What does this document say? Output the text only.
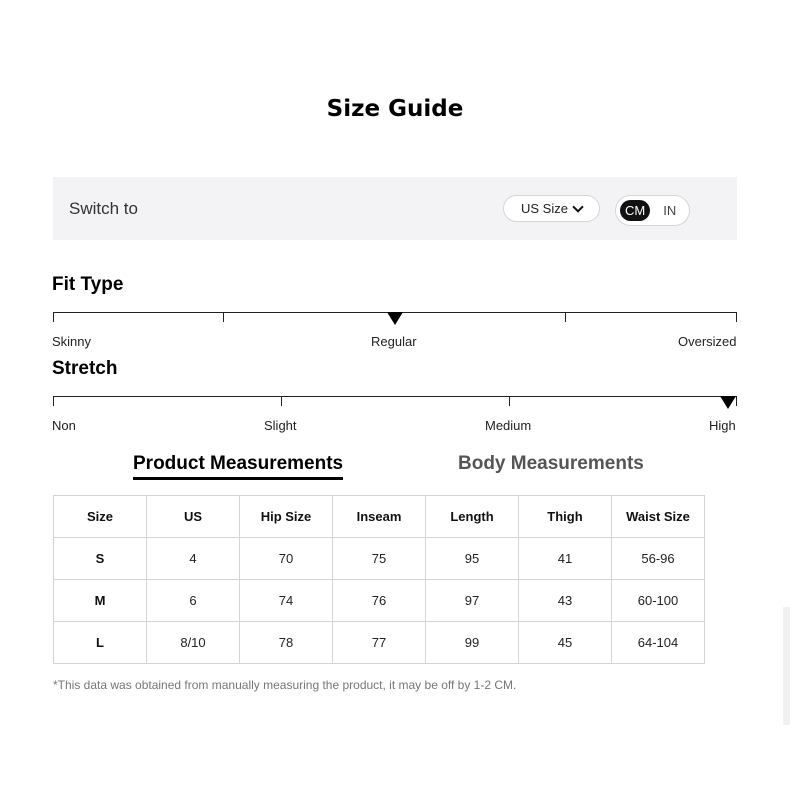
Size Guide
Switch to	US Size	CM	IN
Fit Type
Skinny	Regular	Oversized
Stretch
Non	Slight	Medium	High
Product Measurements	Body Measurements
Size	US	Hip Size	Inseam	Length	Thigh	Waist Size
S	4	70	75	95	41	56-96
M	6	74	76	97	43	60-100
L	8/10	78	77	99	45	64-104
*This data was obtained from manually measuring the product, it may be off by 1-2 CM.
